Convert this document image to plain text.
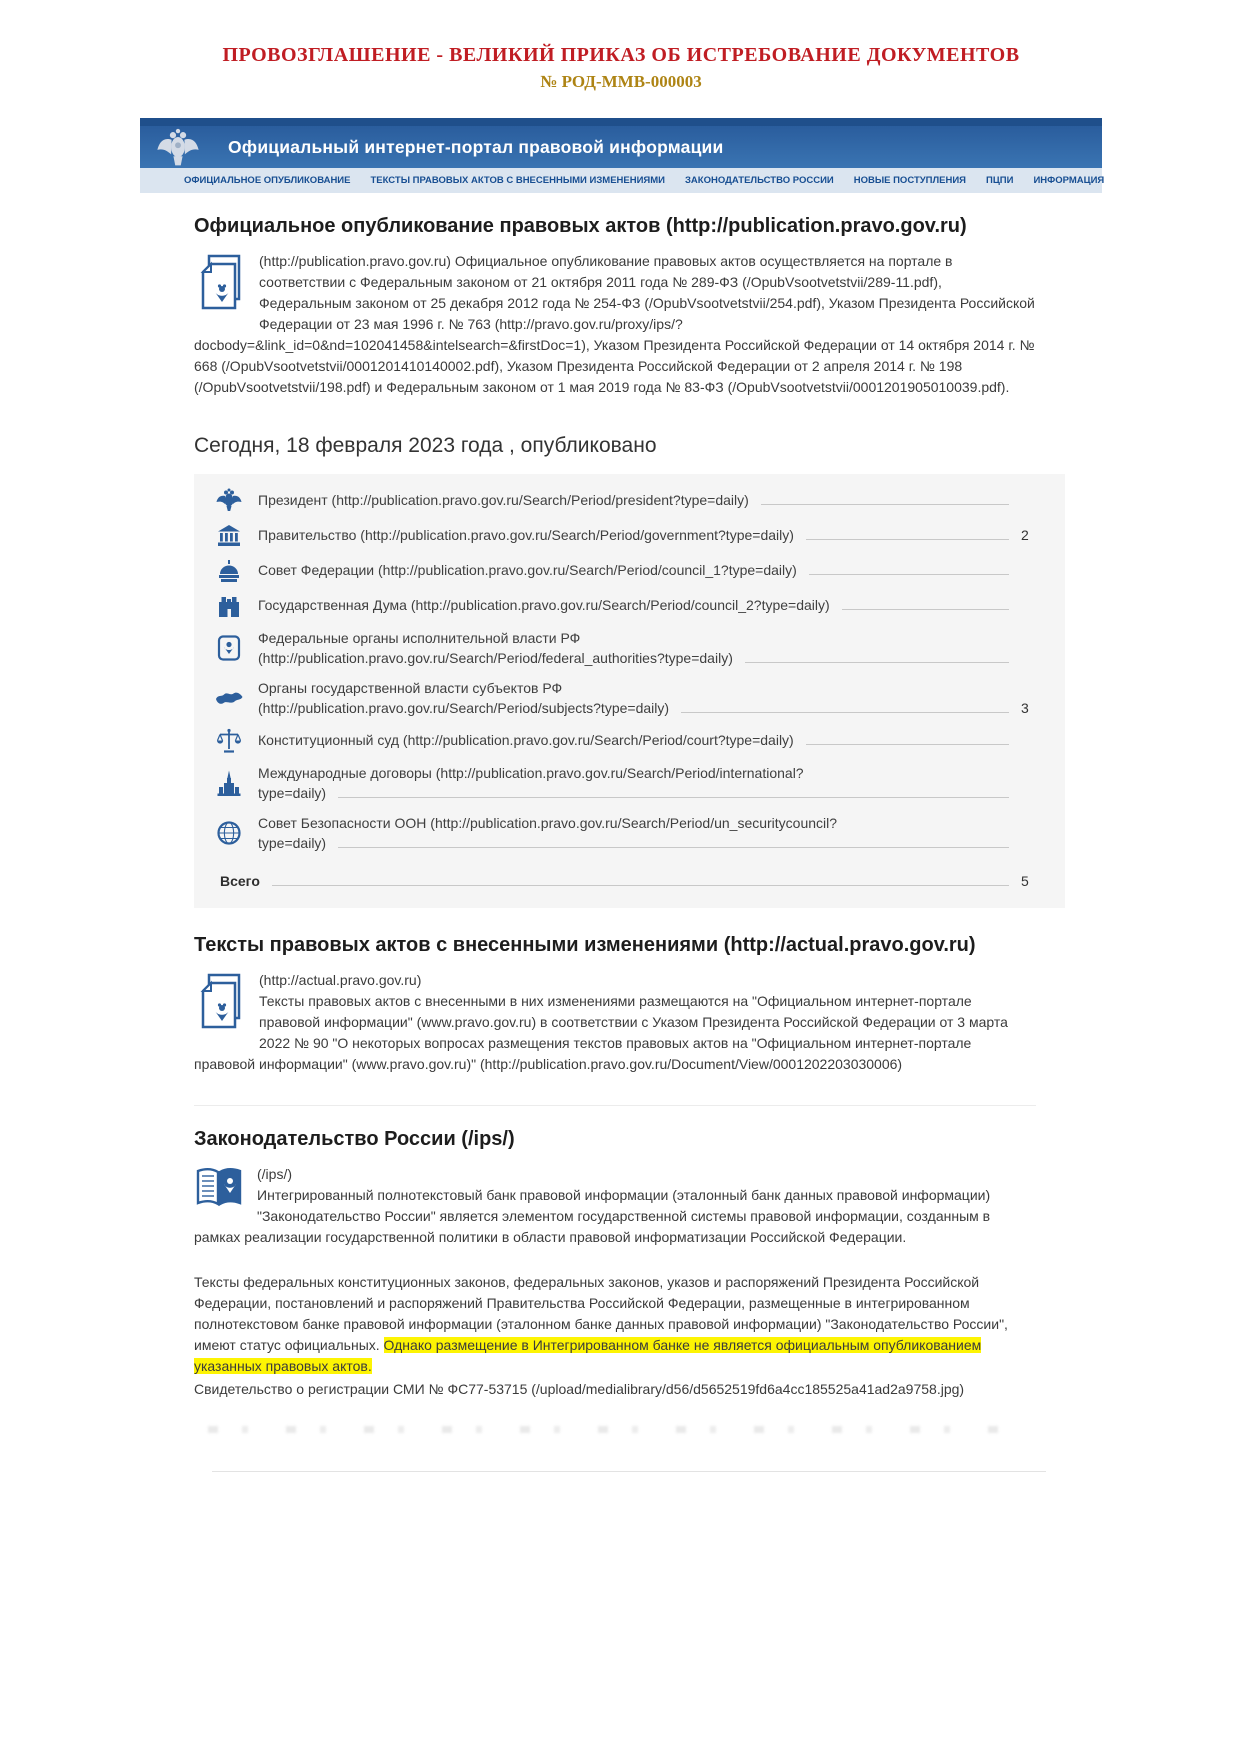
ПРОВОЗГЛАШЕНИЕ - ВЕЛИКИЙ ПРИКАЗ ОБ ИСТРЕБОВАНИЕ ДОКУМЕНТОВ
№ РОД-ММВ-000003
Официальный интернет-портал правовой информации
ОФИЦИАЛЬНОЕ ОПУБЛИКОВАНИЕ ТЕКСТЫ ПРАВОВЫХ АКТОВ С ВНЕСЕННЫМИ ИЗМЕНЕНИЯМИ ЗАКОНОДАТЕЛЬСТВО РОССИИ НОВЫЕ ПОСТУПЛЕНИЯ ПЦПИ ИНФОРМАЦИЯ
Официальное опубликование правовых актов (http://publication.pravo.gov.ru)
(http://publication.pravo.gov.ru) Официальное опубликование правовых актов осуществляется на портале в соответствии с Федеральным законом от 21 октября 2011 года № 289-ФЗ (/OpubVsootvetstvii/289-11.pdf), Федеральным законом от 25 декабря 2012 года № 254-ФЗ (/OpubVsootvetstvii/254.pdf), Указом Президента Российской Федерации от 23 мая 1996 г. № 763 (http://pravo.gov.ru/proxy/ips/?docbody=&link_id=0&nd=102041458&intelsearch=&firstDoc=1), Указом Президента Российской Федерации от 14 октября 2014 г. № 668 (/OpubVsootvetstvii/0001201410140002.pdf), Указом Президента Российской Федерации от 2 апреля 2014 г. № 198 (/OpubVsootvetstvii/198.pdf) и Федеральным законом от 1 мая 2019 года № 83-ФЗ (/OpubVsootvetstvii/0001201905010039.pdf).
Сегодня, 18 февраля 2023 года , опубликовано
Президент (http://publication.pravo.gov.ru/Search/Period/president?type=daily)
Правительство (http://publication.pravo.gov.ru/Search/Period/government?type=daily)	2
Совет Федерации (http://publication.pravo.gov.ru/Search/Period/council_1?type=daily)
Государственная Дума (http://publication.pravo.gov.ru/Search/Period/council_2?type=daily)
Федеральные органы исполнительной власти РФ
(http://publication.pravo.gov.ru/Search/Period/federal_authorities?type=daily)
Органы государственной власти субъектов РФ
(http://publication.pravo.gov.ru/Search/Period/subjects?type=daily)	3
Конституционный суд (http://publication.pravo.gov.ru/Search/Period/court?type=daily)
Международные договоры (http://publication.pravo.gov.ru/Search/Period/international?
type=daily)
Совет Безопасности ООН (http://publication.pravo.gov.ru/Search/Period/un_securitycouncil?
type=daily)
Всего	5
Тексты правовых актов с внесенными изменениями (http://actual.pravo.gov.ru)
(http://actual.pravo.gov.ru)
Тексты правовых актов с внесенными в них изменениями размещаются на "Официальном интернет-портале правовой информации" (www.pravo.gov.ru) в соответствии с Указом Президента Российской Федерации от 3 марта 2022 № 90 "О некоторых вопросах размещения текстов правовых актов на "Официальном интернет-портале правовой информации" (www.pravo.gov.ru)" (http://publication.pravo.gov.ru/Document/View/0001202203030006)
Законодательство России (/ips/)
(/ips/)
Интегрированный полнотекстовый банк правовой информации (эталонный банк данных правовой информации) "Законодательство России" является элементом государственной системы правовой информации, созданным в рамках реализации государственной политики в области правовой информатизации Российской Федерации.
Тексты федеральных конституционных законов, федеральных законов, указов и распоряжений Президента Российской Федерации, постановлений и распоряжений Правительства Российской Федерации, размещенные в интегрированном полнотекстовом банке правовой информации (эталонном банке данных правовой информации) "Законодательство России", имеют статус официальных. Однако размещение в Интегрированном банке не является официальным опубликованием указанных правовых актов.
Свидетельство о регистрации СМИ № ФС77-53715 (/upload/medialibrary/d56/d5652519fd6a4cc185525a41ad2a9758.jpg)
